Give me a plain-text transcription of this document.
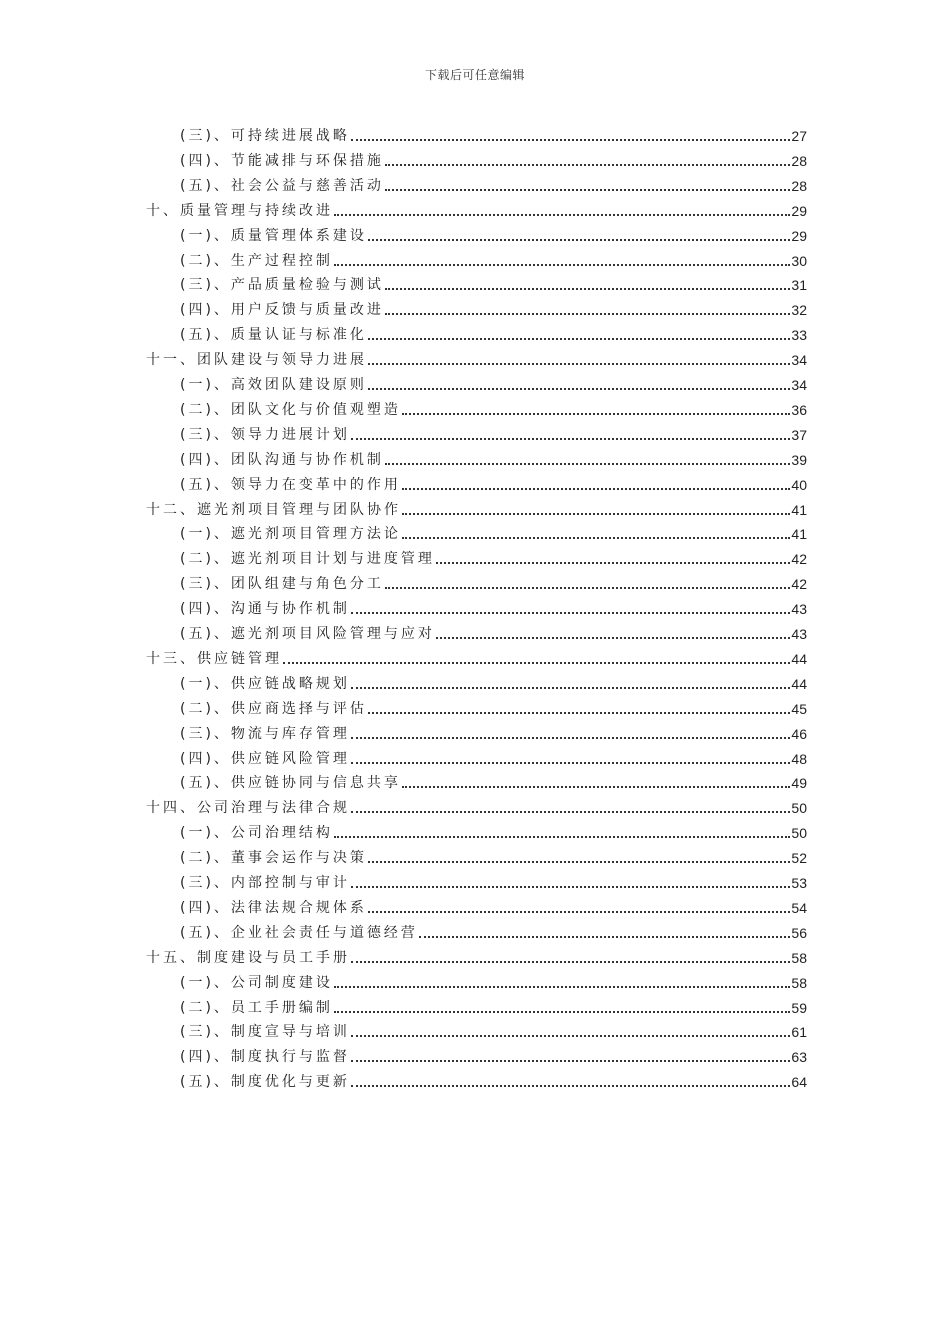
下载后可任意编辑
(三)、可持续进展战略	27
(四)、节能减排与环保措施	28
(五)、社会公益与慈善活动	28
十、质量管理与持续改进	29
(一)、质量管理体系建设	29
(二)、生产过程控制	30
(三)、产品质量检验与测试	31
(四)、用户反馈与质量改进	32
(五)、质量认证与标准化	33
十一、团队建设与领导力进展	34
(一)、高效团队建设原则	34
(二)、团队文化与价值观塑造	36
(三)、领导力进展计划	37
(四)、团队沟通与协作机制	39
(五)、领导力在变革中的作用	40
十二、遮光剂项目管理与团队协作	41
(一)、遮光剂项目管理方法论	41
(二)、遮光剂项目计划与进度管理	42
(三)、团队组建与角色分工	42
(四)、沟通与协作机制	43
(五)、遮光剂项目风险管理与应对	43
十三、供应链管理	44
(一)、供应链战略规划	44
(二)、供应商选择与评估	45
(三)、物流与库存管理	46
(四)、供应链风险管理	48
(五)、供应链协同与信息共享	49
十四、公司治理与法律合规	50
(一)、公司治理结构	50
(二)、董事会运作与决策	52
(三)、内部控制与审计	53
(四)、法律法规合规体系	54
(五)、企业社会责任与道德经营	56
十五、制度建设与员工手册	58
(一)、公司制度建设	58
(二)、员工手册编制	59
(三)、制度宣导与培训	61
(四)、制度执行与监督	63
(五)、制度优化与更新	64
